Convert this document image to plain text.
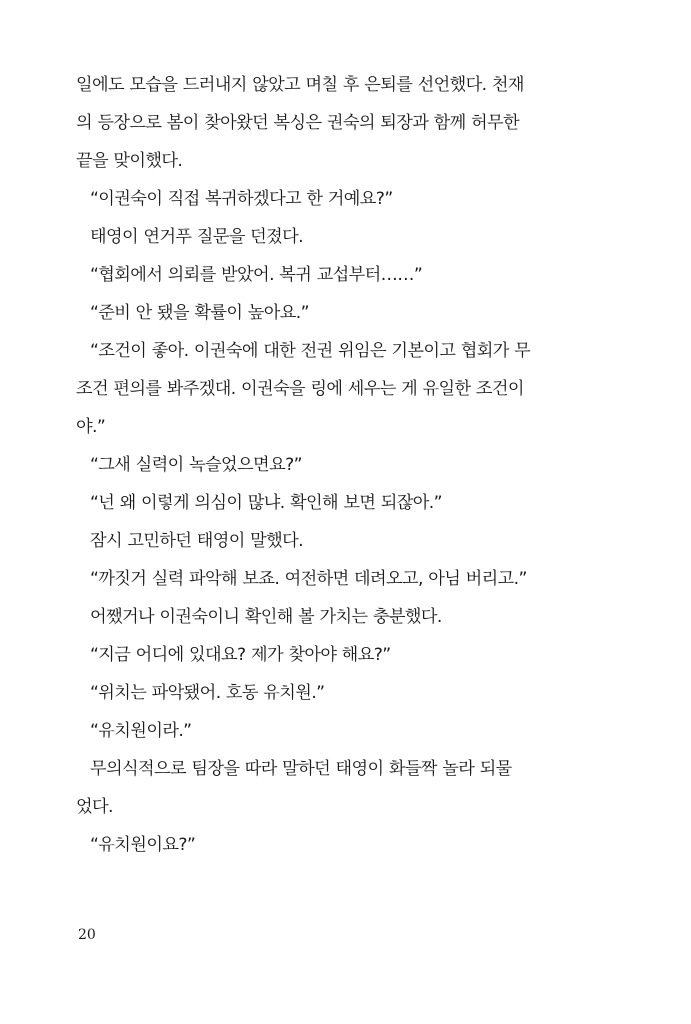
일에도 모습을 드러내지 않았고 며칠 후 은퇴를 선언했다. 천재
의 등장으로 봄이 찾아왔던 복싱은 권숙의 퇴장과 함께 허무한
끝을 맞이했다.
“이권숙이 직접 복귀하겠다고 한 거예요?”
태영이 연거푸 질문을 던졌다.
“협회에서 의뢰를 받았어. 복귀 교섭부터……”
“준비 안 됐을 확률이 높아요.”
“조건이 좋아. 이권숙에 대한 전권 위임은 기본이고 협회가 무
조건 편의를 봐주겠대. 이권숙을 링에 세우는 게 유일한 조건이
야.”
“그새 실력이 녹슬었으면요?”
“넌 왜 이렇게 의심이 많냐. 확인해 보면 되잖아.”
잠시 고민하던 태영이 말했다.
“까짓거 실력 파악해 보죠. 여전하면 데려오고, 아님 버리고.”
어쨌거나 이권숙이니 확인해 볼 가치는 충분했다.
“지금 어디에 있대요? 제가 찾아야 해요?”
“위치는 파악됐어. 호동 유치원.”
“유치원이라.”
무의식적으로 팀장을 따라 말하던 태영이 화들짝 놀라 되물
었다.
“유치원이요?”
20
